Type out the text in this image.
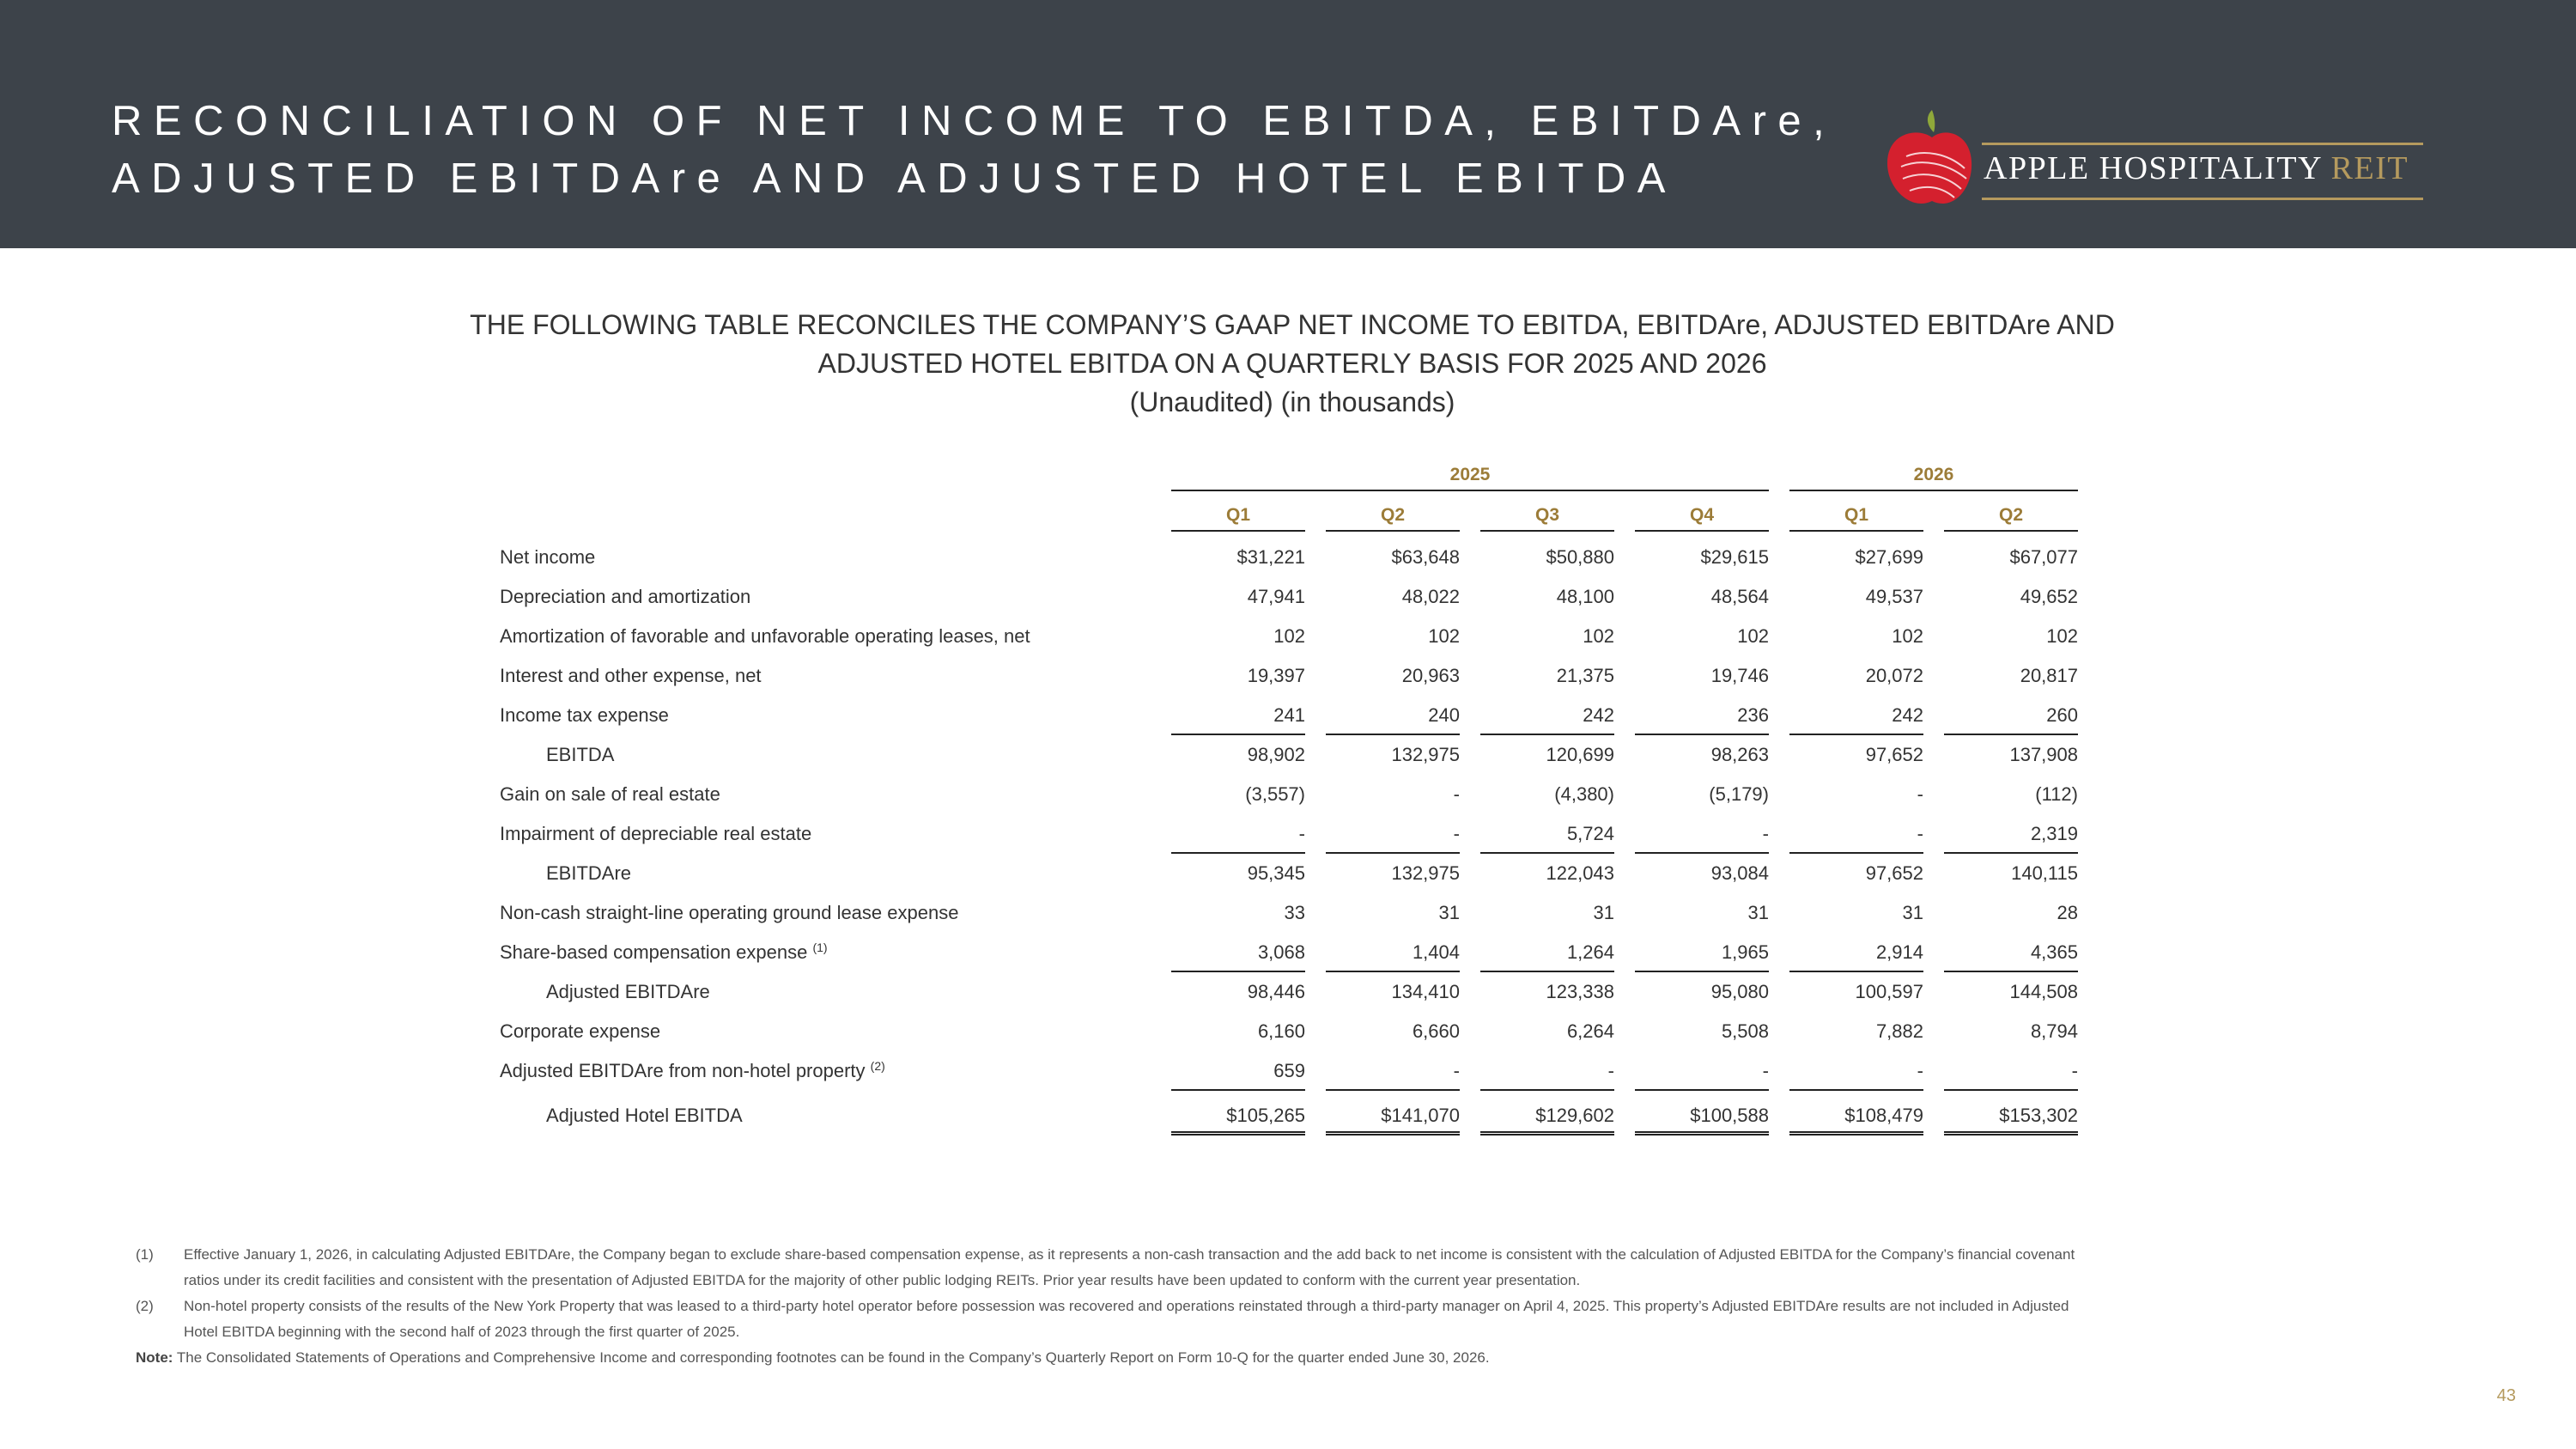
RECONCILIATION OF NET INCOME TO EBITDA, EBITDAre,
ADJUSTED EBITDAre AND ADJUSTED HOTEL EBITDA	APPLE HOSPITALITY REIT
THE FOLLOWING TABLE RECONCILES THE COMPANY’S GAAP NET INCOME TO EBITDA, EBITDAre, ADJUSTED EBITDAre AND
ADJUSTED HOTEL EBITDA ON A QUARTERLY BASIS FOR 2025 AND 2026
(Unaudited) (in thousands)
2025	2026
Q1	Q2	Q3	Q4	Q1	Q2
Net income	$31,221	$63,648	$50,880	$29,615	$27,699	$67,077
Depreciation and amortization	47,941	48,022	48,100	48,564	49,537	49,652
Amortization of favorable and unfavorable operating leases, net	102	102	102	102	102	102
Interest and other expense, net	19,397	20,963	21,375	19,746	20,072	20,817
Income tax expense	241	240	242	236	242	260
EBITDA	98,902	132,975	120,699	98,263	97,652	137,908
Gain on sale of real estate	(3,557)	-	(4,380)	(5,179)	-	(112)
Impairment of depreciable real estate	-	-	5,724	-	-	2,319
EBITDAre	95,345	132,975	122,043	93,084	97,652	140,115
Non-cash straight-line operating ground lease expense	33	31	31	31	31	28
Share-based compensation expense $^{(1)}$	3,068	1,404	1,264	1,965	2,914	4,365
Adjusted EBITDAre	98,446	134,410	123,338	95,080	100,597	144,508
Corporate expense	6,160	6,660	6,264	5,508	7,882	8,794
Adjusted EBITDAre from non-hotel property $^{(2)}$	659	-	-	-	-	-
Adjusted Hotel EBITDA	$105,265	$141,070	$129,602	$100,588	$108,479	$153,302
(1) Effective January 1, 2026, in calculating Adjusted EBITDAre, the Company began to exclude share-based compensation expense, as it represents a non-cash transaction and the add back to net income is consistent with the calculation of Adjusted EBITDA for the Company’s financial covenant
ratios under its credit facilities and consistent with the presentation of Adjusted EBITDA for the majority of other public lodging REITs. Prior year results have been updated to conform with the current year presentation.
(2) Non-hotel property consists of the results of the New York Property that was leased to a third-party hotel operator before possession was recovered and operations reinstated through a third-party manager on April 4, 2025. This property’s Adjusted EBITDAre results are not included in Adjusted
Hotel EBITDA beginning with the second half of 2023 through the first quarter of 2025.
Note: The Consolidated Statements of Operations and Comprehensive Income and corresponding footnotes can be found in the Company’s Quarterly Report on Form 10-Q for the quarter ended June 30, 2026.
43
